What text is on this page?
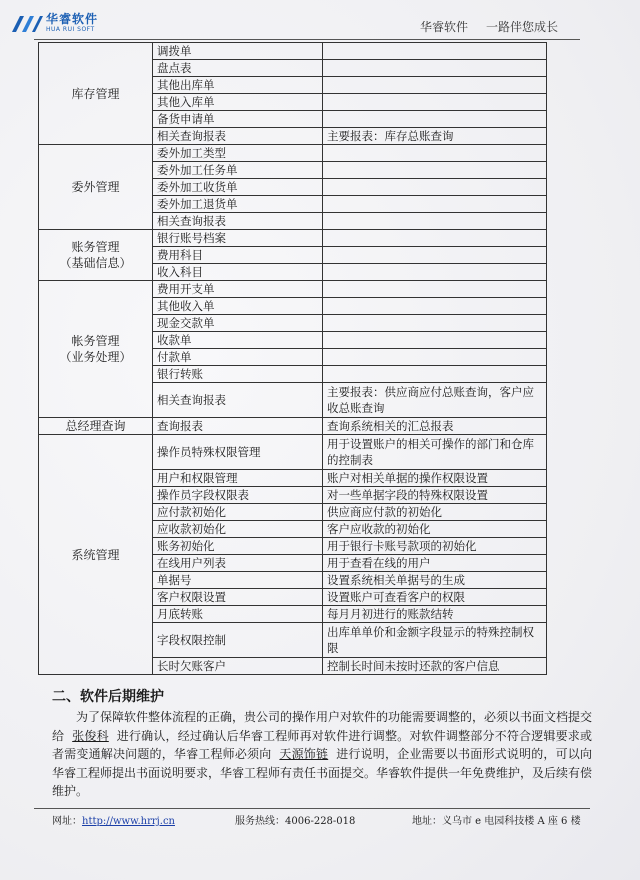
华睿软件
HUA RUI SOFT	华睿软件 一路伴您成长
库存管理	调拨单	
	盘点表	
	其他出库单	
	其他入库单	
	备货申请单	
	相关查询报表	主要报表：库存总账查询
委外管理	委外加工类型	
	委外加工任务单	
	委外加工收货单	
	委外加工退货单	
	相关查询报表	

账务管理
（基础信息）	银行账号档案	
	费用科目	
	收入科目	

帐务管理
（业务处理）	费用开支单	
	其他收入单	
	现金交款单	
	收款单	
	付款单	
	银行转账	
	相关查询报表	主要报表：供应商应付总账查询，客户应收总账查询
总经理查询	查询报表	查询系统相关的汇总报表
系统管理	操作员特殊权限管理	用于设置账户的相关可操作的部门和仓库的控制表
	用户和权限管理	账户对相关单据的操作权限设置
	操作员字段权限表	对一些单据字段的特殊权限设置
	应付款初始化	供应商应付款的初始化
	应收款初始化	客户应收款的初始化
	账务初始化	用于银行卡账号款项的初始化
	在线用户列表	用于查看在线的用户
	单据号	设置系统相关单据号的生成
	客户权限设置	设置账户可查看客户的权限
	月底转账	每月月初进行的账款结转
	字段权限控制	出库单单价和金额字段显示的特殊控制权限
	长时欠账客户	控制长时间未按时还款的客户信息
二、软件后期维护
为了保障软件整体流程的正确，贵公司的操作用户对软件的功能需要调整的，必须以书面文档提交给 张俊科 进行确认，经过确认后华睿工程师再对软件进行调整。对软件调整部分不符合逻辑要求或者需变通解决问题的，华睿工程师必须向 天源饰链 进行说明，企业需要以书面形式说明的，可以向华睿工程师提出书面说明要求，华睿工程师有责任书面提交。华睿软件提供一年免费维护，及后续有偿维护。
网址：http://www.hrrj.cn	服务热线：4006-228-018	地址：义乌市 e 电园科技楼 A 座 6 楼
